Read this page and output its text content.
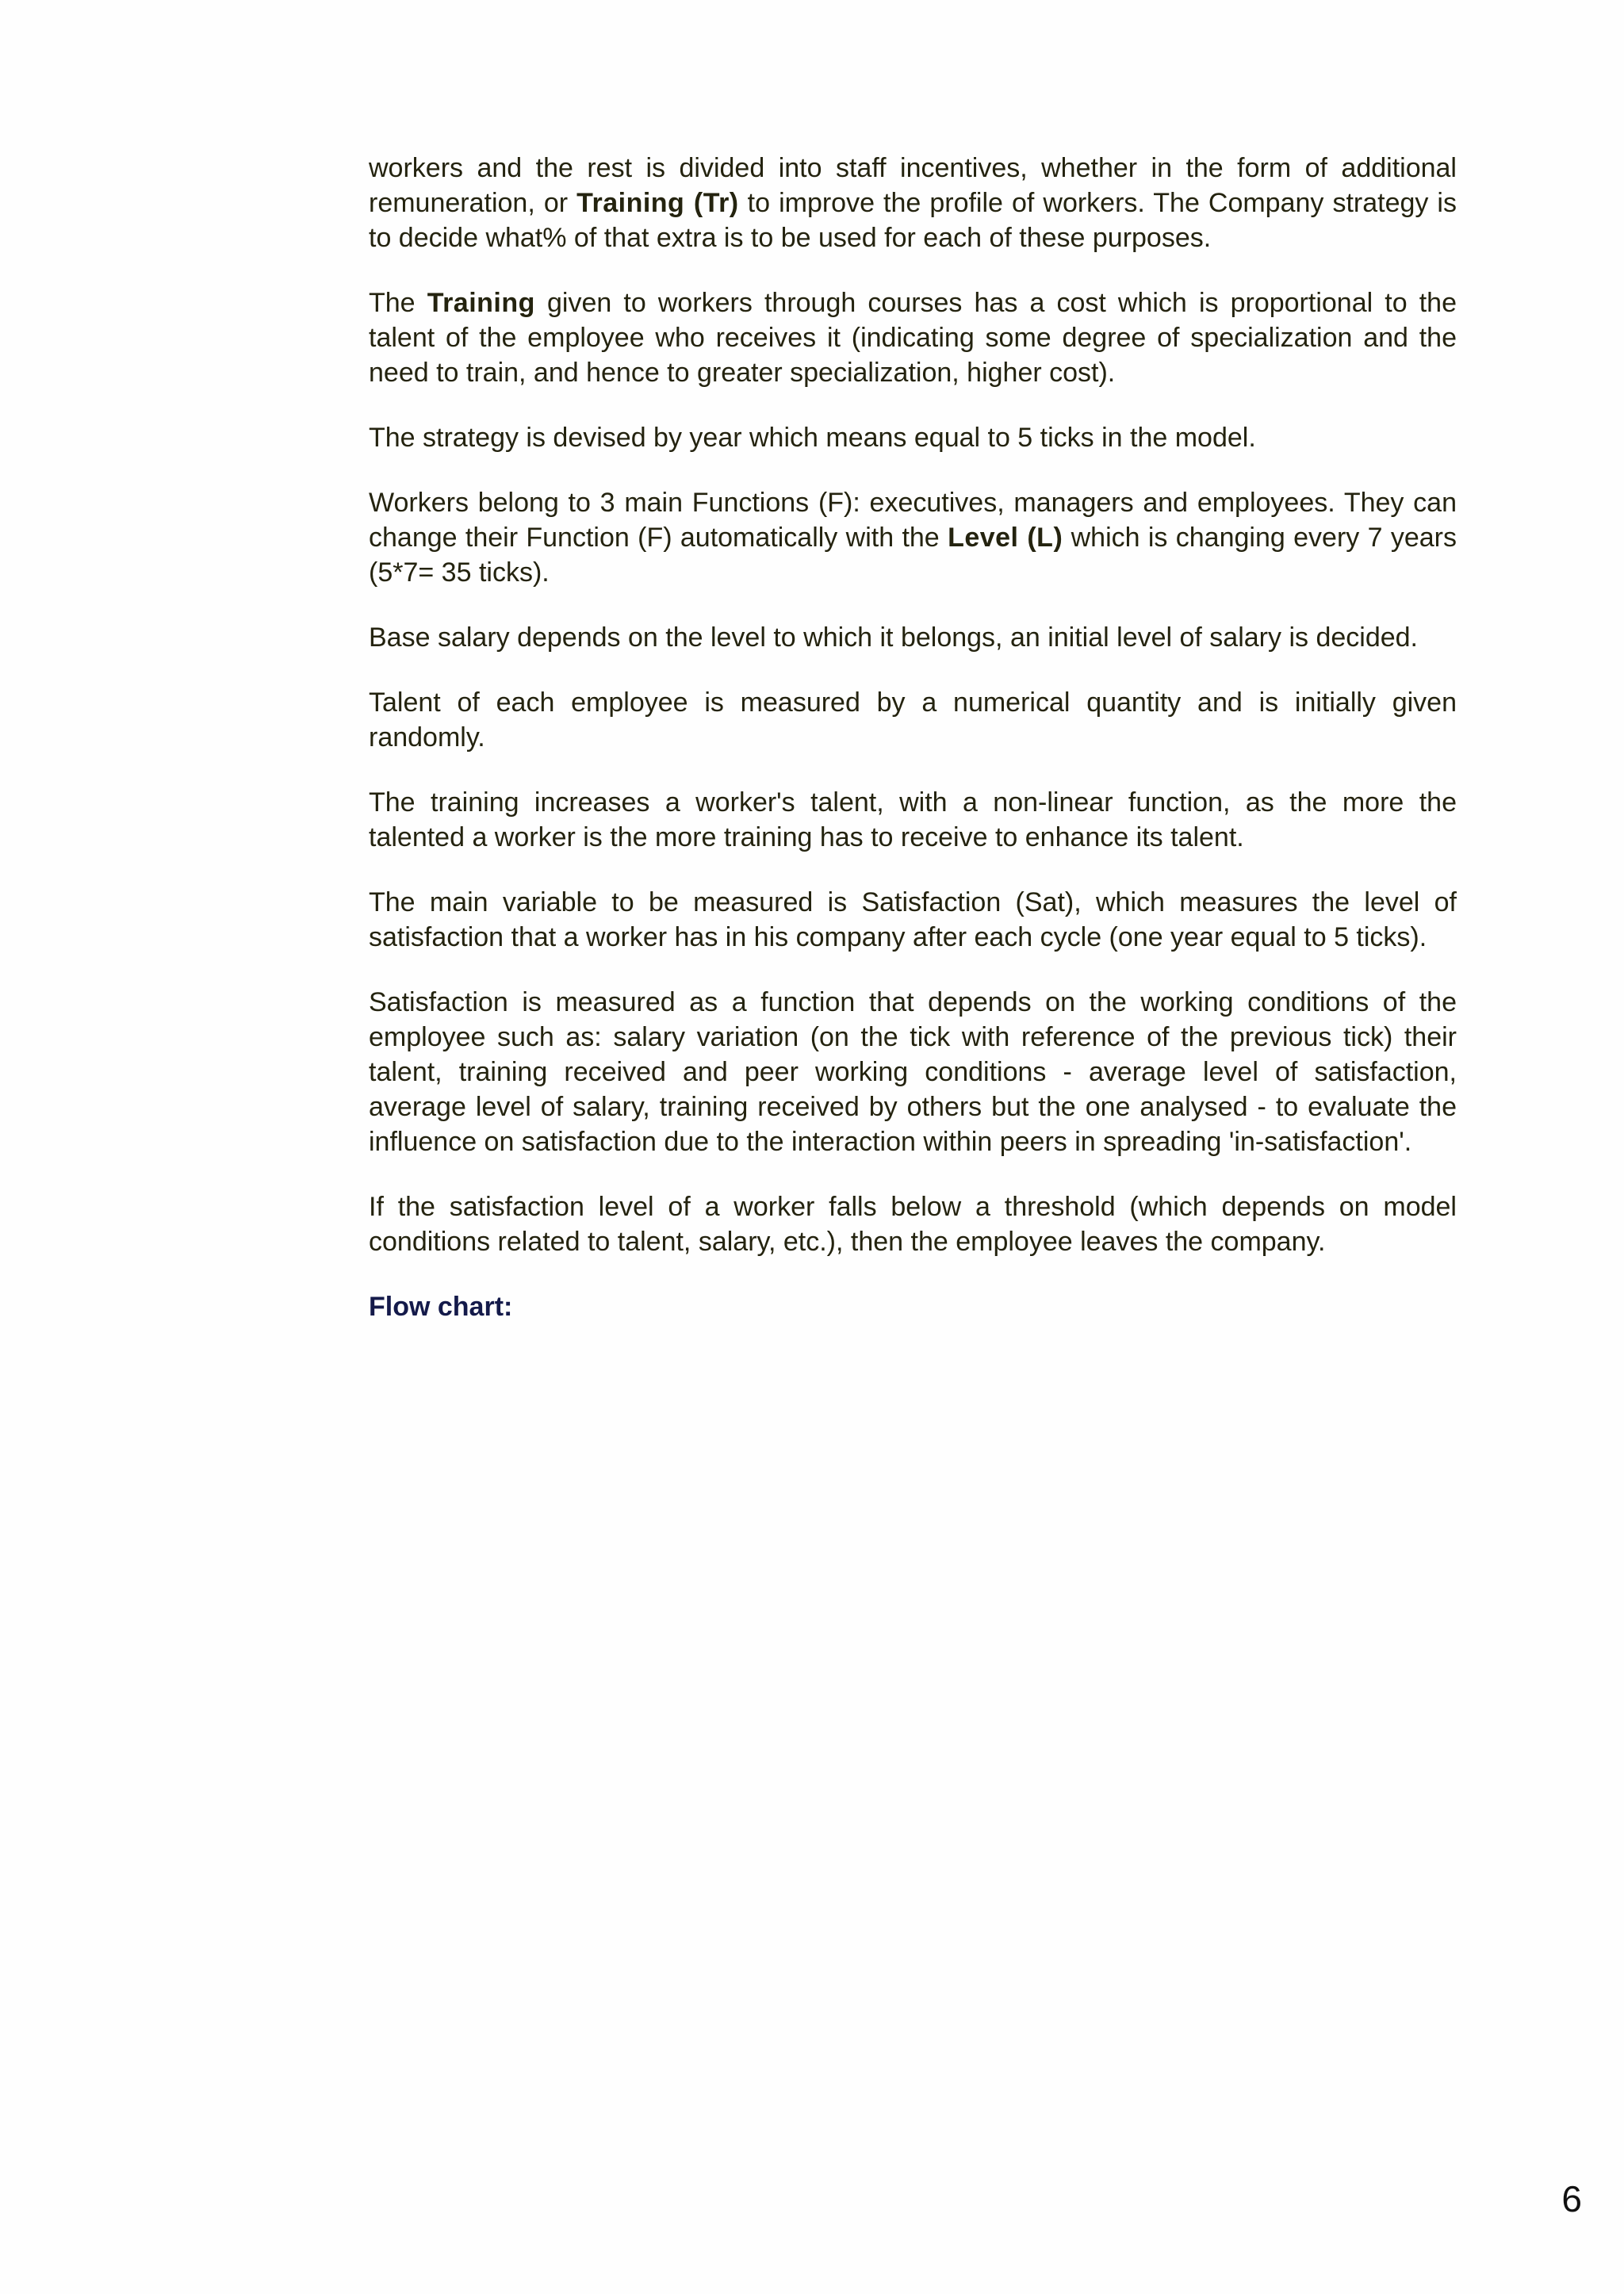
workers and the rest is divided into staff incentives, whether in the form of additional remuneration, or Training (Tr) to improve the profile of workers. The Company strategy is to decide what% of that extra is to be used for each of these purposes.

The Training given to workers through courses has a cost which is proportional to the talent of the employee who receives it (indicating some degree of specialization and the need to train, and hence to greater specialization, higher cost).

The strategy is devised by year which means equal to 5 ticks in the model.

Workers belong to 3 main Functions (F): executives, managers and employees. They can change their Function (F) automatically with the Level (L) which is changing every 7 years (5*7= 35 ticks).

Base salary depends on the level to which it belongs, an initial level of salary is decided.

Talent of each employee is measured by a numerical quantity and is initially given randomly.

The training increases a worker's talent, with a non-linear function, as the more the talented a worker is the more training has to receive to enhance its talent.

The main variable to be measured is Satisfaction (Sat), which measures the level of satisfaction that a worker has in his company after each cycle (one year equal to 5 ticks).

Satisfaction is measured as a function that depends on the working conditions of the employee such as: salary variation (on the tick with reference of the previous tick) their talent, training received and peer working conditions - average level of satisfaction, average level of salary, training received by others but the one analysed - to evaluate the influence on satisfaction due to the interaction within peers in spreading 'in-satisfaction'.

If the satisfaction level of a worker falls below a threshold (which depends on model conditions related to talent, salary, etc.), then the employee leaves the company.

Flow chart:
6
